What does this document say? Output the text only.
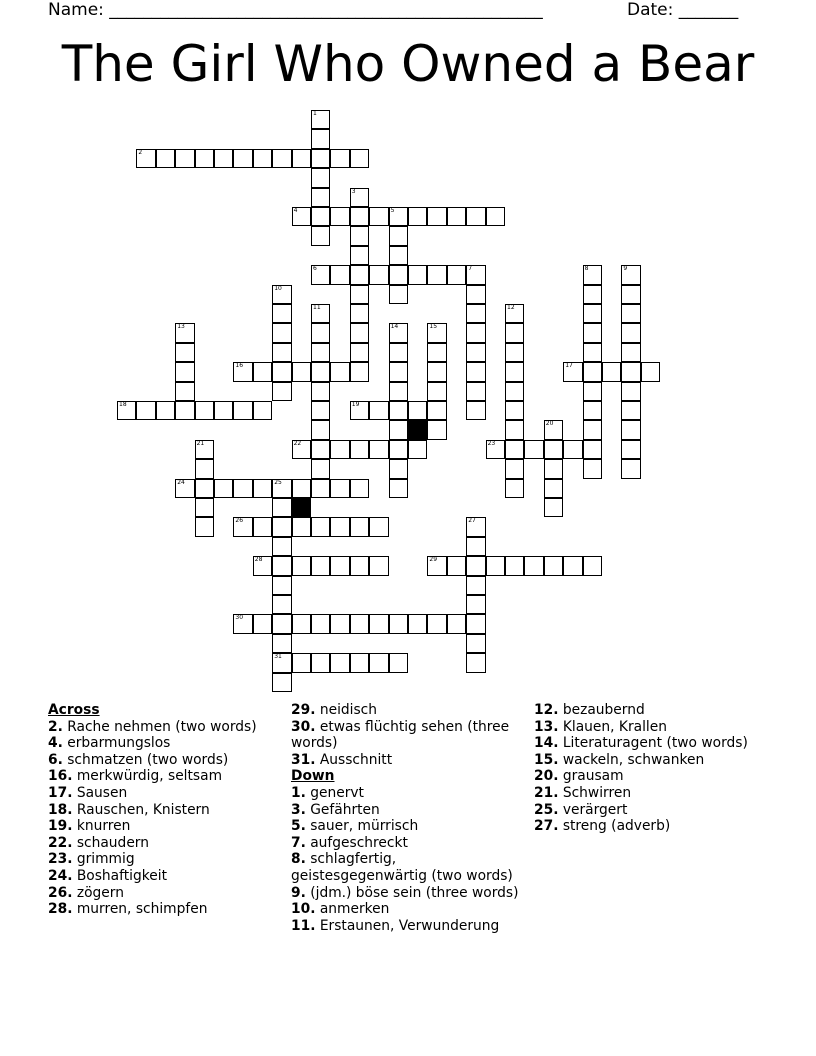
Name: ___________________________________________________	Date: _______
The Girl Who Owned a Bear
1
2
3
4	5
6	7	8	9
10
11	12
13	14	15
16	17
18	19
20
21	22	23
24	25
31
26	27
28	29
30
Across
2. Rache nehmen (two words)
4. erbarmungslos
6. schmatzen (two words)
16. merkwürdig, seltsam
17. Sausen
18. Rauschen, Knistern
19. knurren
22. schaudern
23. grimmig
24. Boshaftigkeit
26. zögern
28. murren, schimpfen
29. neidisch
30. etwas flüchtig sehen (three words)
31. Ausschnitt
Down
1. genervt
3. Gefährten
5. sauer, mürrisch
7. aufgeschreckt
8. schlagfertig, geistesgegenwärtig (two words)
9. (jdm.) böse sein (three words)
10. anmerken
11. Erstaunen, Verwunderung
12. bezaubernd
13. Klauen, Krallen
14. Literaturagent (two words)
15. wackeln, schwanken
20. grausam
21. Schwirren
25. verärgert
27. streng (adverb)
